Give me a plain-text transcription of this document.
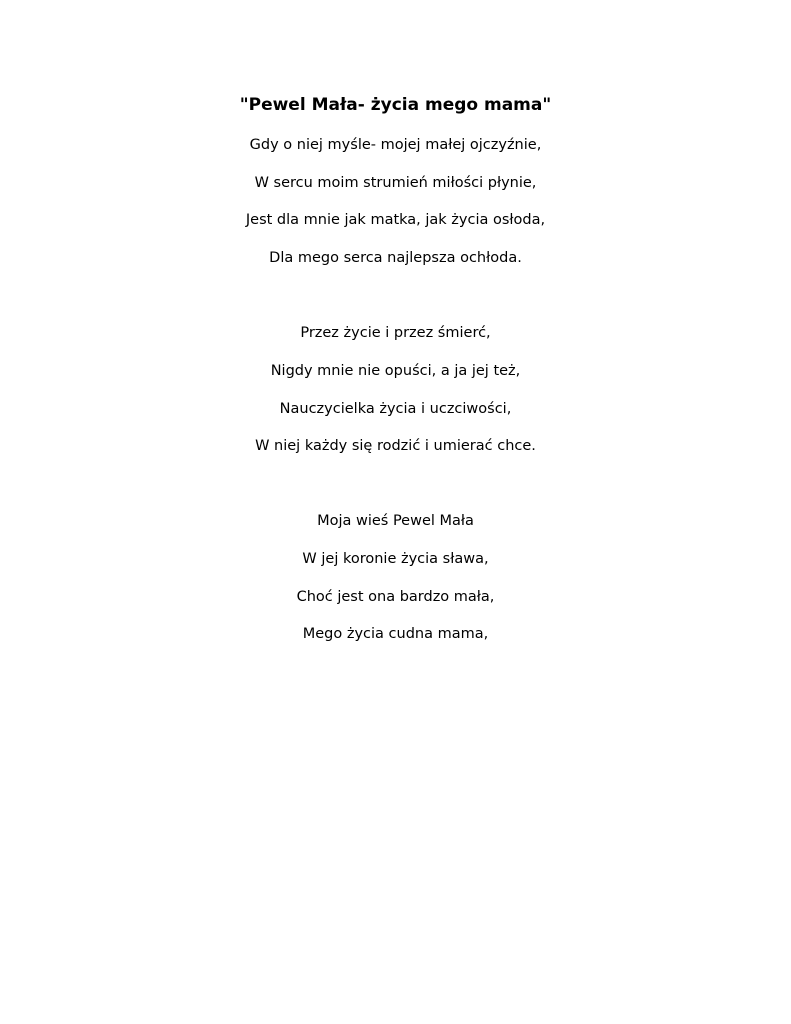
"Pewel Mała- życia mego mama"
Gdy o niej myśle- mojej małej ojczyźnie,
W sercu moim strumień miłości płynie,
Jest dla mnie jak matka, jak życia osłoda,
Dla mego serca najlepsza ochłoda.
Przez życie i przez śmierć,
Nigdy mnie nie opuści, a ja jej też,
Nauczycielka życia i uczciwości,
W niej każdy się rodzić i umierać chce.
Moja wieś Pewel Mała
W jej koronie życia sława,
Choć jest ona bardzo mała,
Mego życia cudna mama,
